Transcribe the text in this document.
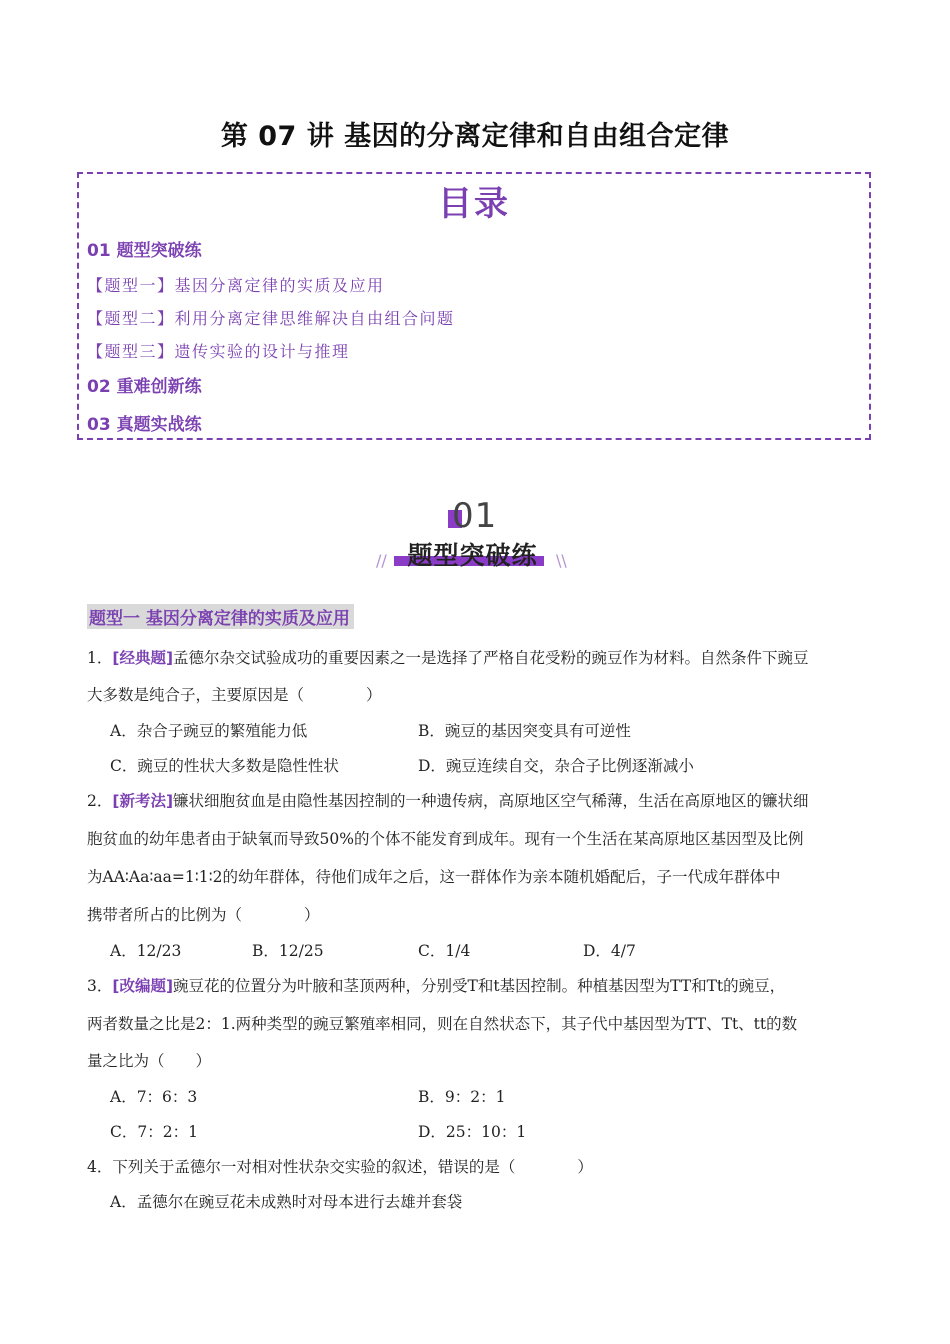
第 07 讲 基因的分离定律和自由组合定律
目录
01 题型突破练
【题型一】基因分离定律的实质及应用
【题型二】利用分离定律思维解决自由组合问题
【题型三】遗传实验的设计与推理
02 重难创新练
03 真题实战练
01
题型突破练
//	\\
题型一 基因分离定律的实质及应用
1．[经典题]孟德尔杂交试验成功的重要因素之一是选择了严格自花受粉的豌豆作为材料。自然条件下豌豆
大多数是纯合子，主要原因是（　　　　）
A．杂合子豌豆的繁殖能力低	B．豌豆的基因突变具有可逆性
C．豌豆的性状大多数是隐性性状	D．豌豆连续自交，杂合子比例逐渐减小
2．[新考法]镰状细胞贫血是由隐性基因控制的一种遗传病，高原地区空气稀薄，生活在高原地区的镰状细
胞贫血的幼年患者由于缺氧而导致50%的个体不能发育到成年。现有一个生活在某高原地区基因型及比例
为AA∶Aa∶aa=1∶1∶2的幼年群体，待他们成年之后，这一群体作为亲本随机婚配后，子一代成年群体中
携带者所占的比例为（　　　　）
A．12/23	B．12/25	C．1/4	D．4/7
3．[改编题]豌豆花的位置分为叶腋和茎顶两种，分别受T和t基因控制。种植基因型为TT和Tt的豌豆，
两者数量之比是2：1.两种类型的豌豆繁殖率相同，则在自然状态下，其子代中基因型为TT、Tt、tt的数
量之比为（　　）
A．7：6：3	B．9：2：1
C．7：2：1	D．25：10：1
4．下列关于孟德尔一对相对性状杂交实验的叙述，错误的是（　　　　）
A．孟德尔在豌豆花未成熟时对母本进行去雄并套袋
